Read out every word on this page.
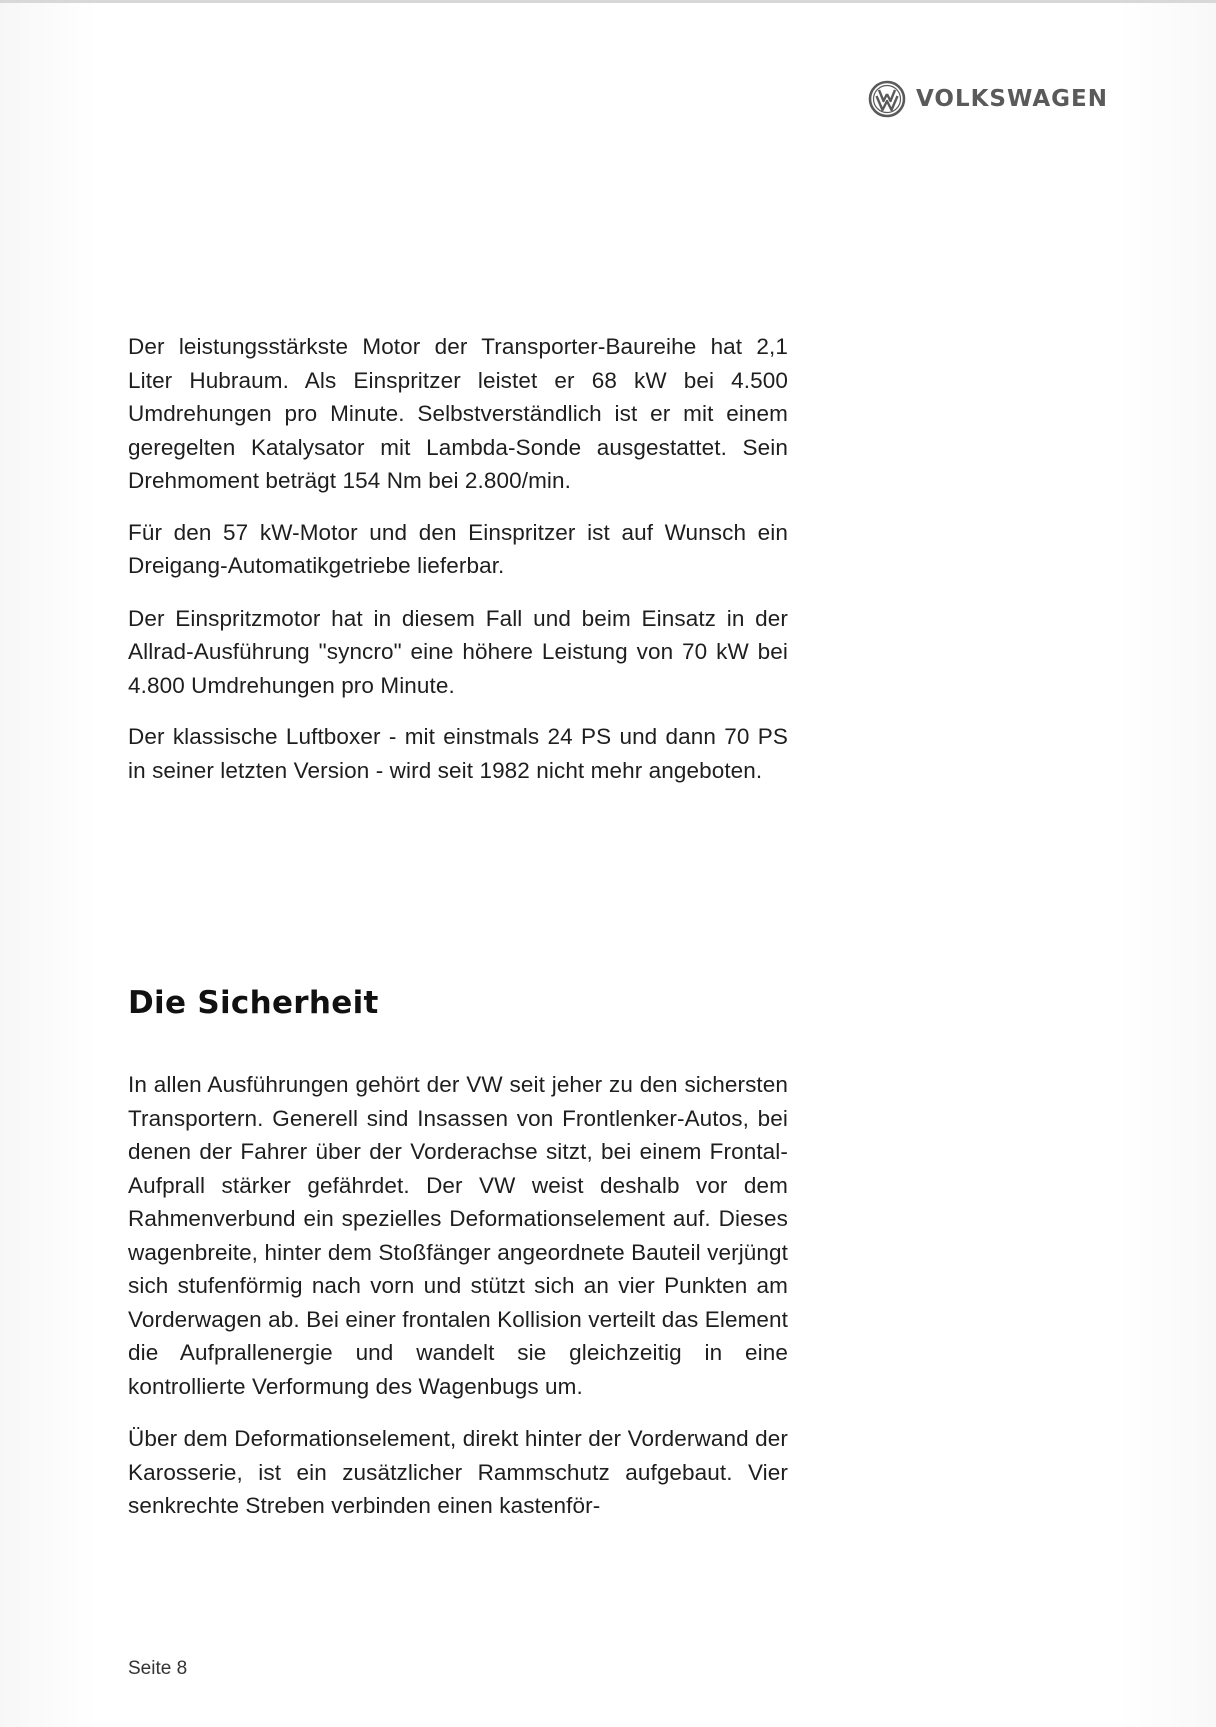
VOLKSWAGEN

Der leistungsstärkste Motor der Transporter-Baureihe hat 2,1 Liter Hubraum. Als Einspritzer leistet er 68 kW bei 4.500 Umdrehungen pro Minute. Selbstverständlich ist er mit einem geregelten Katalysator mit Lambda-Sonde ausgestattet. Sein Drehmoment beträgt 154 Nm bei 2.800/min.

Für den 57 kW-Motor und den Einspritzer ist auf Wunsch ein Dreigang-Automatikgetriebe lieferbar.

Der Einspritzmotor hat in diesem Fall und beim Einsatz in der Allrad-Ausführung "syncro" eine höhere Leistung von 70 kW bei 4.800 Umdrehungen pro Minute.

Der klassische Luftboxer - mit einstmals 24 PS und dann 70 PS in seiner letzten Version - wird seit 1982 nicht mehr angeboten.

Die Sicherheit

In allen Ausführungen gehört der VW seit jeher zu den sichersten Transportern. Generell sind Insassen von Frontlenker-Autos, bei denen der Fahrer über der Vorderachse sitzt, bei einem Frontal-Aufprall stärker gefährdet. Der VW weist deshalb vor dem Rahmenverbund ein spezielles Deformationselement auf. Dieses wagenbreite, hinter dem Stoßfänger angeordnete Bauteil verjüngt sich stufenförmig nach vorn und stützt sich an vier Punkten am Vorderwagen ab. Bei einer frontalen Kollision verteilt das Element die Aufprallenergie und wandelt sie gleichzeitig in eine kontrollierte Verformung des Wagenbugs um.

Über dem Deformationselement, direkt hinter der Vorderwand der Karosserie, ist ein zusätzlicher Rammschutz aufgebaut. Vier senkrechte Streben verbinden einen kastenför-

Seite 8
